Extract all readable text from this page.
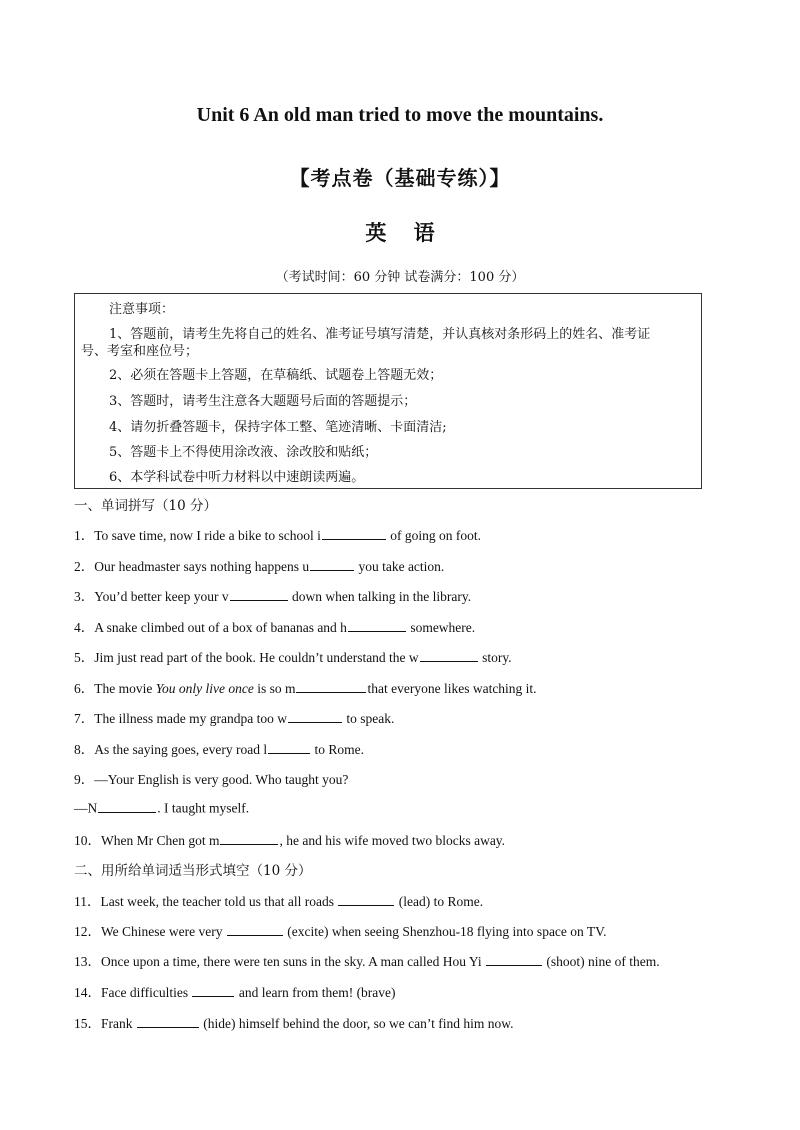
Unit 6 An old man tried to move the mountains.
【考点卷（基础专练）】
英 语
（考试时间：60 分钟 试卷满分：100 分）
注意事项：
1、答题前，请考生先将自己的姓名、准考证号填写清楚，并认真核对条形码上的姓名、准考证
号、考室和座位号；
2、必须在答题卡上答题，在草稿纸、试题卷上答题无效；
3、答题时，请考生注意各大题题号后面的答题提示；
4、请勿折叠答题卡，保持字体工整、笔迹清晰、卡面清洁;
5、答题卡上不得使用涂改液、涂改胶和贴纸；
6、本学科试卷中听力材料以中速朗读两遍。
一、单词拼写（10 分）
1．To save time, now I ride a bike to school i	of going on foot.
2．Our headmaster says nothing happens u	you take action.
3．You’d better keep your v	down when talking in the library.
4．A snake climbed out of a box of bananas and h	somewhere.
5．Jim just read part of the book. He couldn’t understand the w	story.
6．The movie You only live once is so m	that everyone likes watching it.
7．The illness made my grandpa too w	to speak.
8．As the saying goes, every road l	to Rome.
9．—Your English is very good. Who taught you?
—N	. I taught myself.
10．When Mr Chen got m	, he and his wife moved two blocks away.
二、用所给单词适当形式填空（10 分）
11．Last week, the teacher told us that all roads	(lead) to Rome.
12．We Chinese were very	(excite) when seeing Shenzhou-18 flying into space on TV.
13．Once upon a time, there were ten suns in the sky. A man called Hou Yi	(shoot) nine of them.
14．Face difficulties	and learn from them! (brave)
15．Frank	(hide) himself behind the door, so we can’t find him now.
